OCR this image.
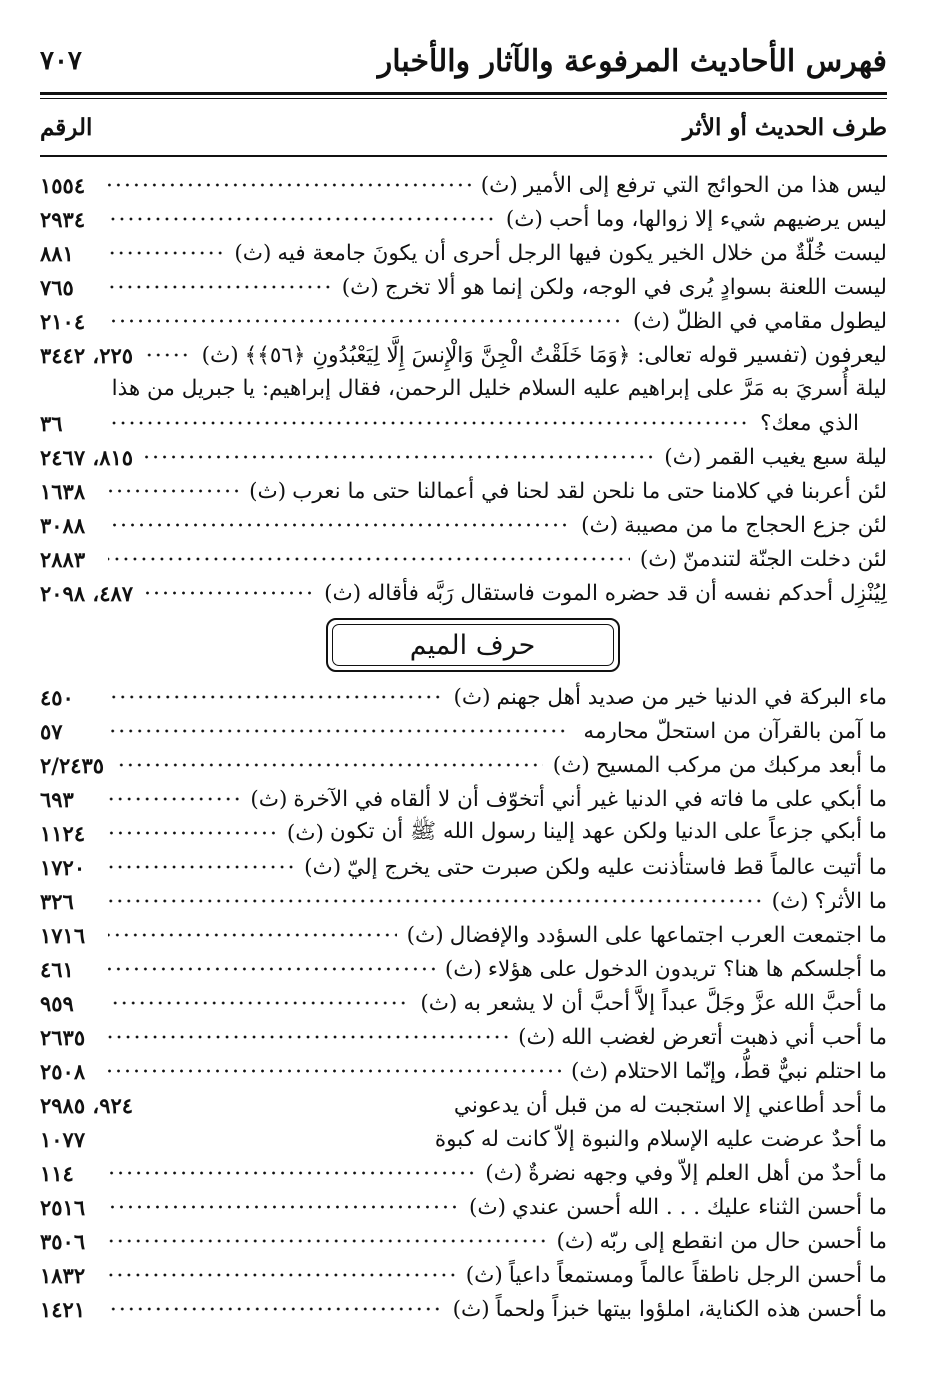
فهرس الأحاديث المرفوعة والآثار والأخبار
٧٠٧
طرف الحديث أو الأثر
الرقم
ليس هذا من الحوائج التي ترفع إلى الأمير
(ث)
١٥٥٤
ليس يرضيهم شيء إلا زوالها، وما أحب
(ث)
٢٩٣٤
ليست خُلّةٌ من خلال الخير يكون فيها الرجل أحرى أن يكونَ جامعة فيه
(ث)
٨٨١
ليست اللعنة بسوادٍ يُرى في الوجه، ولكن إنما هو ألا تخرج
(ث)
٧٦٥
ليطول مقامي في الظلّ
(ث)
٢١٠٤
ليعرفون (تفسير قوله تعالى: ﴿وَمَا خَلَقْتُ الْجِنَّ وَالْإِنسَ إِلَّا لِيَعْبُدُونِ ﴿٥٦﴾﴾
(ث)
٢٢٥، ٣٤٤٢
ليلة أُسريَ به مَرَّ على إبراهيم عليه السلام خليل الرحمن، فقال إبراهيم: يا جبريل من هذا
الذي معك؟
٣٦
ليلة سبع يغيب القمر
(ث)
٨١٥، ٢٤٦٧
لئن أعربنا في كلامنا حتى ما نلحن لقد لحنا في أعمالنا حتى ما نعرب
(ث)
١٦٣٨
لئن جزع الحجاج ما من مصيبة
(ث)
٣٠٨٨
لئن دخلت الجنّة لتندمنّ
(ث)
٢٨٨٣
لِيُنْزِل أحدكم نفسه أن قد حضره الموت فاستقال رَبَّه فأقاله
(ث)
٤٨٧، ٢٠٩٨
حرف الميم
ماء البركة في الدنيا خير من صديد أهل جهنم
(ث)
٤٥٠
ما آمن بالقرآن من استحلّ محارمه
٥٧
ما أبعد مركبك من مركب المسيح
(ث)
٢/٢٤٣٥
ما أبكي على ما فاته في الدنيا غير أني أتخوّف أن لا ألقاه في الآخرة
(ث)
٦٩٣
ما أبكي جزعاً على الدنيا ولكن عهد إلينا رسول الله ﷺ أن تكون
(ث)
١١٢٤
ما أتيت عالماً قط فاستأذنت عليه ولكن صبرت حتى يخرج إليّ
(ث)
١٧٢٠
ما الأثر؟
(ث)
٣٢٦
ما اجتمعت العرب اجتماعها على السؤدد والإفضال
(ث)
١٧١٦
ما أجلسكم ها هنا؟ تريدون الدخول على هؤلاء
(ث)
٤٦١
ما أحبَّ الله عزَّ وجَلَّ عبداً إلاَّ أحبَّ أن لا يشعر به
(ث)
٩٥٩
ما أحب أني ذهبت أتعرض لغضب الله
(ث)
٢٦٣٥
ما احتلم نبيٌّ قطُّ، وإنّما الاحتلام
(ث)
٢٥٠٨
ما أحد أطاعني إلا استجبت له من قبل أن يدعوني
٩٢٤، ٢٩٨٥
ما أحدٌ عرضت عليه الإسلام والنبوة إلاّ كانت له كبوة
١٠٧٧
ما أحدٌ من أهل العلم إلاّ وفي وجهه نضرةٌ
(ث)
١١٤
ما أحسن الثناء عليك . . . الله أحسن عندي
(ث)
٢٥١٦
ما أحسن حال من انقطع إلى ربّه
(ث)
٣٥٠٦
ما أحسن الرجل ناطقاً عالماً ومستمعاً داعياً
(ث)
١٨٣٢
ما أحسن هذه الكناية، املؤوا بيتها خبزاً ولحماً
(ث)
١٤٢١
